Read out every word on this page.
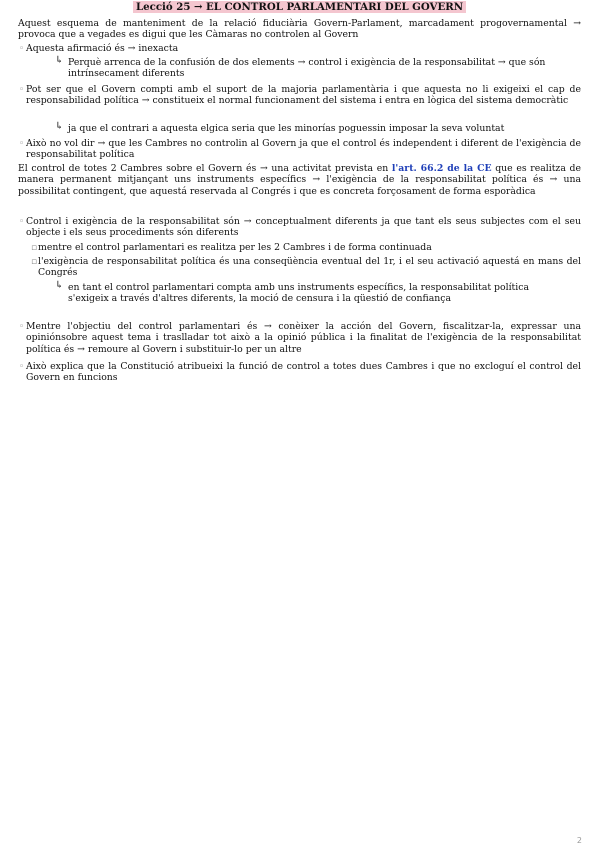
Lecció 25 → EL CONTROL PARLAMENTARI DEL GOVERN
Aquest esquema de manteniment de la relació fiduciària Govern-Parlament, marcadament progovernamental → provoca que a vegades es digui que les Càmaras no controlen al Govern
◦ Aquesta afirmació és → inexacta
↳ Perquè arrenca de la confusión de dos elements → control i exigència de la responsabilitat → que són intrínsecament diferents
◦ Pot ser que el Govern compti amb el suport de la majoria parlamentària i que aquesta no li exigeixi el cap de responsabilidad política → constitueix el normal funcionament del sistema i entra en lògica del sistema democràtic
↳ ja que el contrari a aquesta elgica seria que les minorías poguessin imposar la seva voluntat
◦ Això no vol dir → que les Cambres no controlin al Govern ja que el control és independent i diferent de l'exigència de responsabilitat política
El control de totes 2 Cambres sobre el Govern és → una activitat prevista en l'art. 66.2 de la CE que es realitza de manera permanent mitjançant uns instruments específics → l'exigència de la responsabilitat política és → una possibilitat contingent, que aquestá reservada al Congrés i que es concreta forçosament de forma esporàdica
◦ Control i exigència de la responsabilitat són → conceptualment diferents ja que tant els seus subjectes com el seu objecte i els seus procediments són diferents
▫ mentre el control parlamentari es realitza per les 2 Cambres i de forma continuada
▫ l'exigència de responsabilitat política és una conseqüència eventual del 1r, i el seu activació aquestá en mans del Congrés
↳ en tant el control parlamentari compta amb uns instruments específics, la responsabilitat política s'exigeix a través d'altres diferents, la moció de censura i la qüestió de confiança
◦ Mentre l'objectiu del control parlamentari és → conèixer la acción del Govern, fiscalitzar-la, expressar una opiniónsobre aquest tema i traslladar tot això a la opinió pública i la finalitat de l'exigència de la responsabilitat política és → remoure al Govern i substituir-lo per un altre
◦ Això explica que la Constitució atribueixi la funció de control a totes dues Cambres i que no excloguí el control del Govern en funcions
2
